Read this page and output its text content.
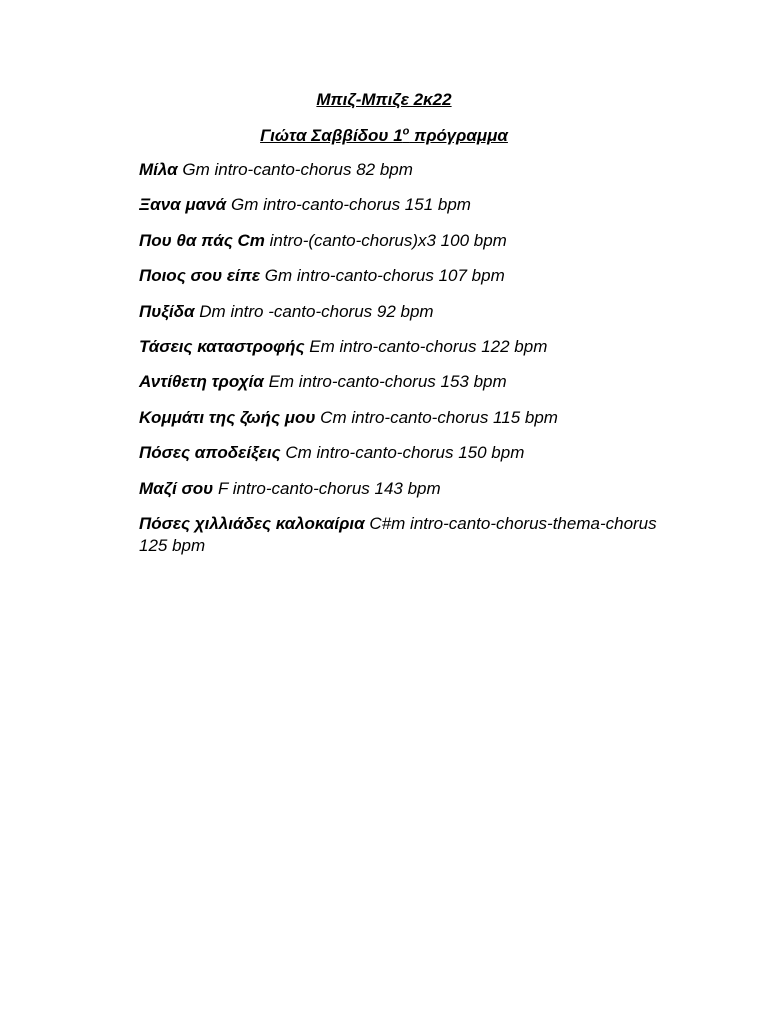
Μπιζ-Μπιζε 2κ22
Γιώτα Σαββίδου $1^o$ πρόγραμμα
Μίλα Gm intro-canto-chorus 82 bpm
Ξανα μανά Gm intro-canto-chorus 151 bpm
Που θα πάς Cm intro-(canto-chorus)x3 100 bpm
Ποιος σου είπε Gm intro-canto-chorus 107 bpm
Πυξίδα Dm intro -canto-chorus 92 bpm
Τάσεις καταστροφής Em intro-canto-chorus 122 bpm
Αντίθετη τροχία Em intro-canto-chorus 153 bpm
Κομμάτι της ζωής μου Cm intro-canto-chorus 115 bpm
Πόσες αποδείξεις Cm intro-canto-chorus 150 bpm
Μαζί σου F intro-canto-chorus 143 bpm
Πόσες χιλλιάδες καλοκαίρια C#m intro-canto-chorus-thema-chorus 125 bpm
